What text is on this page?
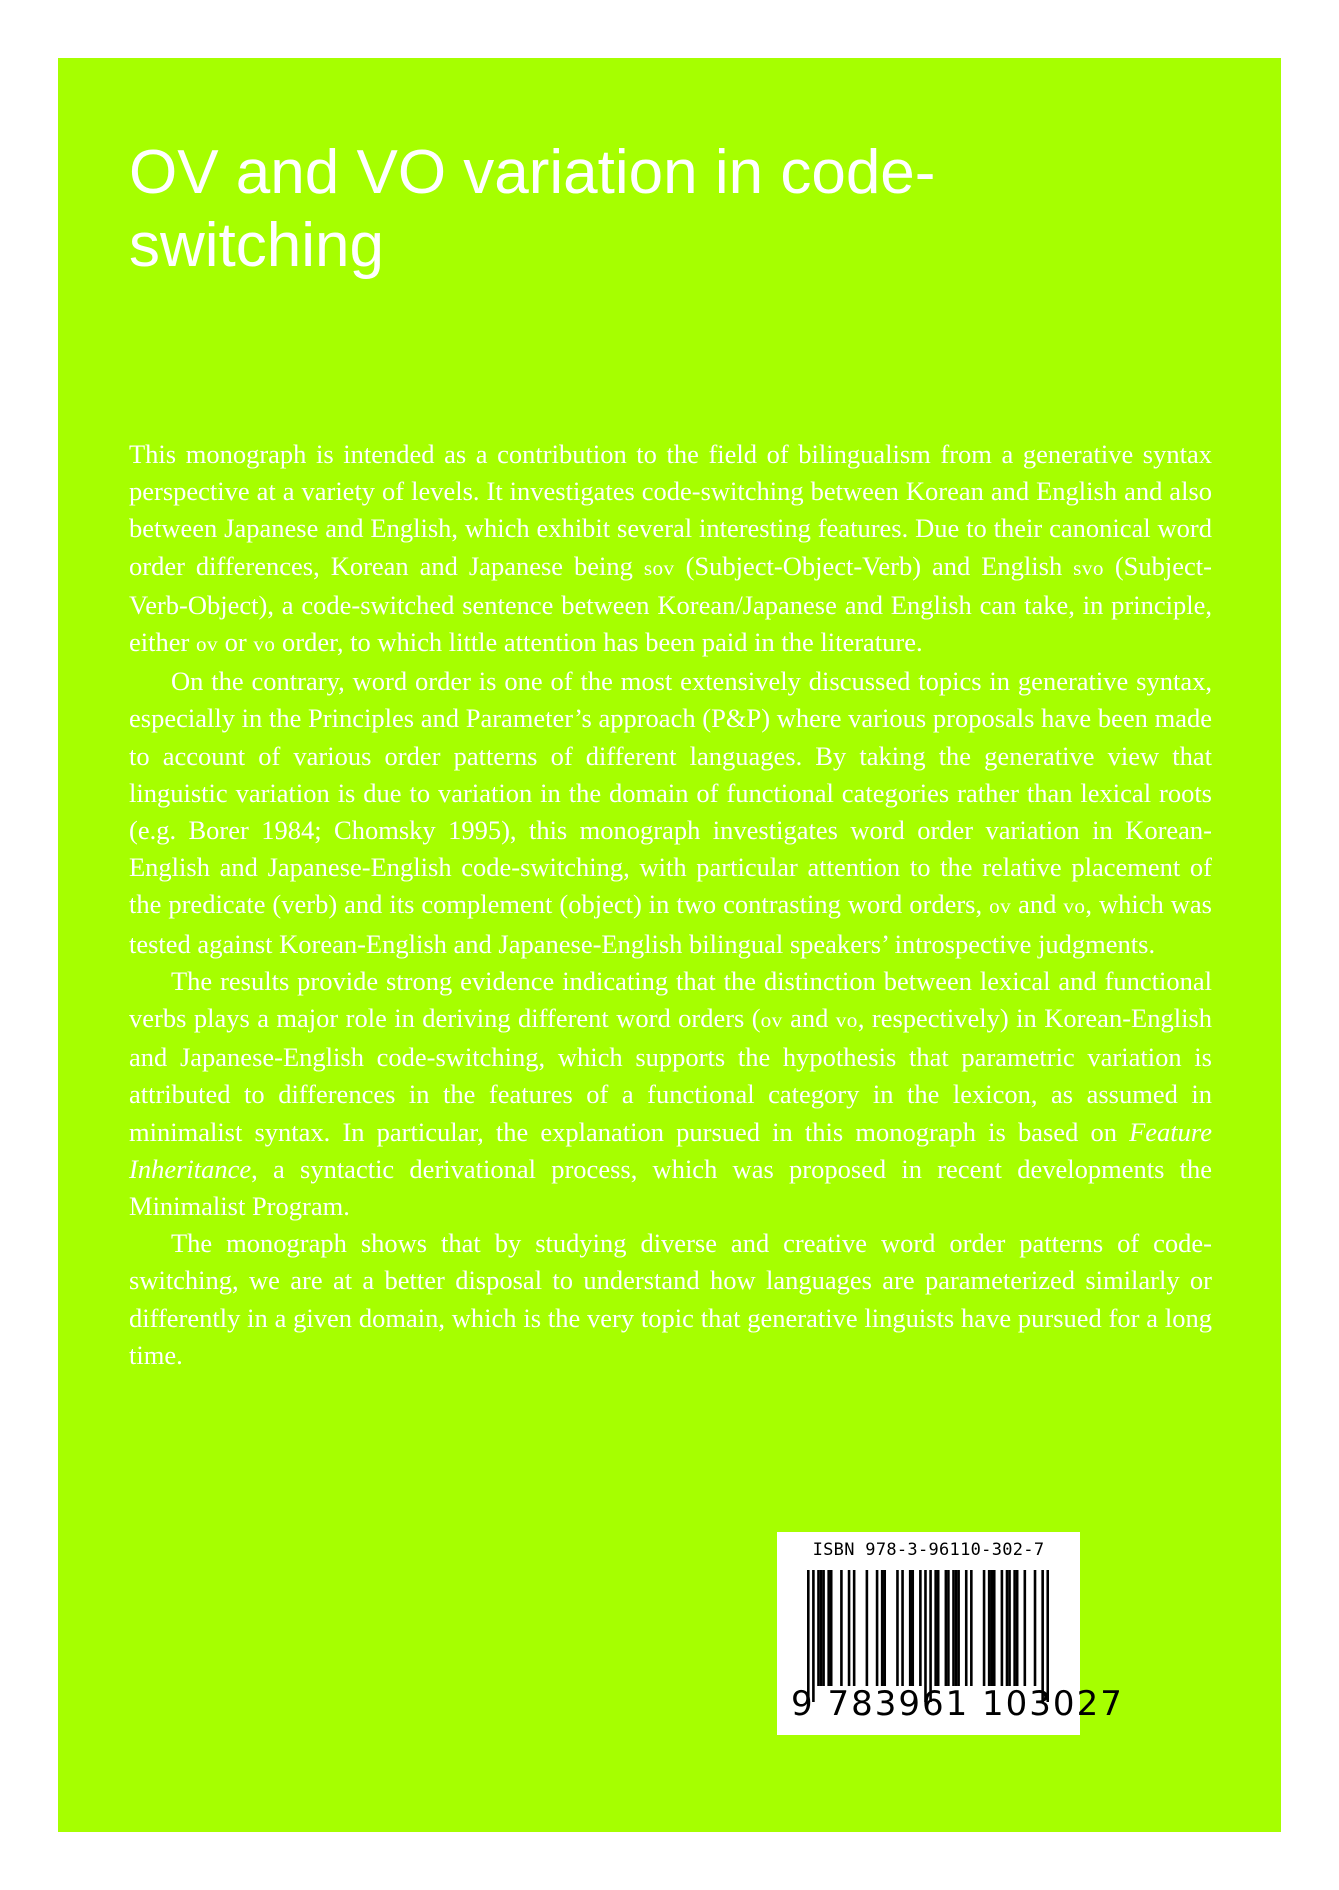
OV and VO variation in code-switching

This monograph is intended as a contribution to the field of bilingualism from a generative syntax perspective at a variety of levels. It investigates code-switching between Korean and English and also between Japanese and English, which exhibit several interesting features. Due to their canonical word order differences, Korean and Japanese being sov (Subject-Object-Verb) and English svo (Subject-Verb-Object), a code-switched sentence between Korean/Japanese and English can take, in principle, either ov or vo order, to which little attention has been paid in the literature.

On the contrary, word order is one of the most extensively discussed topics in generative syntax, especially in the Principles and Parameter’s approach (P&P) where various proposals have been made to account of various order patterns of different languages. By taking the generative view that linguistic variation is due to variation in the domain of functional categories rather than lexical roots (e.g. Borer 1984; Chomsky 1995), this monograph investigates word order variation in Korean-English and Japanese-English code-switching, with particular attention to the relative placement of the predicate (verb) and its complement (object) in two contrasting word orders, ov and vo, which was tested against Korean-English and Japanese-English bilingual speakers’ introspective judgments.

The results provide strong evidence indicating that the distinction between lexical and functional verbs plays a major role in deriving different word orders (ov and vo, respectively) in Korean-English and Japanese-English code-switching, which supports the hypothesis that parametric variation is attributed to differences in the features of a functional category in the lexicon, as assumed in minimalist syntax. In particular, the explanation pursued in this monograph is based on Feature Inheritance, a syntactic derivational process, which was proposed in recent developments the Minimalist Program.

The monograph shows that by studying diverse and creative word order patterns of code-switching, we are at a better disposal to understand how languages are parameterized similarly or differently in a given domain, which is the very topic that generative linguists have pursued for a long time.

ISBN 978-3-96110-302-7
9 783961 103027
